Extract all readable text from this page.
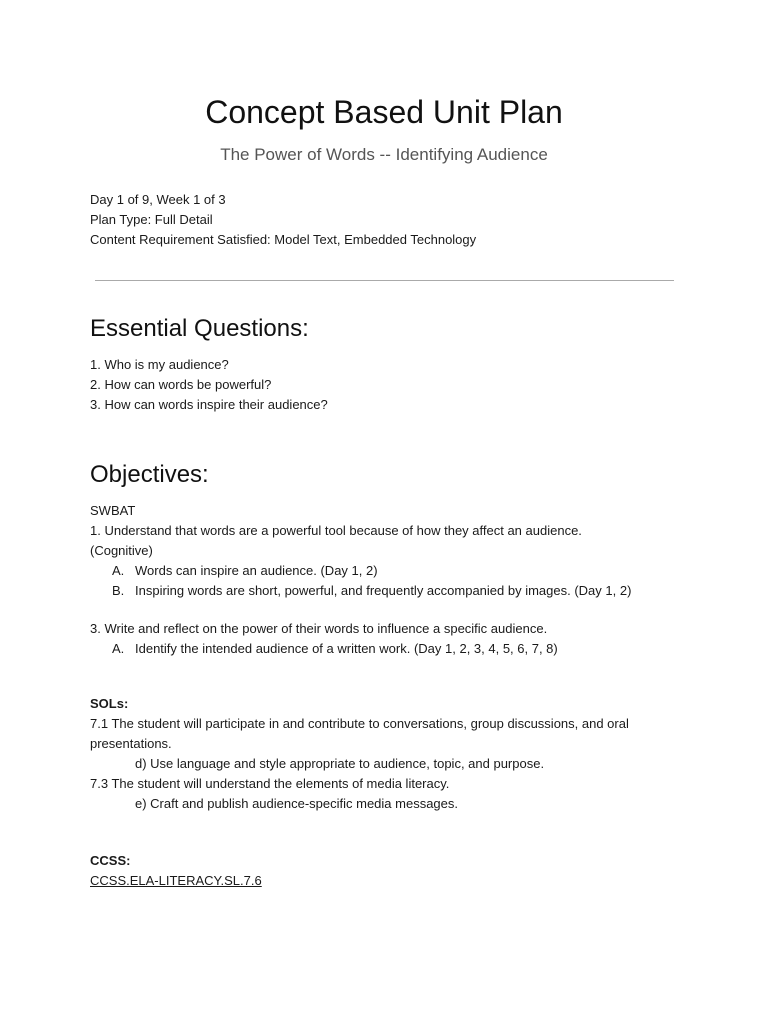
Concept Based Unit Plan
The Power of Words -- Identifying Audience
Day 1 of 9, Week 1 of 3
Plan Type: Full Detail
Content Requirement Satisfied: Model Text, Embedded Technology
Essential Questions:
1. Who is my audience?
2. How can words be powerful?
3. How can words inspire their audience?
Objectives:
SWBAT
1. Understand that words are a powerful tool because of how they affect an audience.
(Cognitive)
A. Words can inspire an audience. (Day 1, 2)
B. Inspiring words are short, powerful, and frequently accompanied by images. (Day 1, 2)
3. Write and reflect on the power of their words to influence a specific audience.
A. Identify the intended audience of a written work. (Day 1, 2, 3, 4, 5, 6, 7, 8)
SOLs:
7.1 The student will participate in and contribute to conversations, group discussions, and oral
presentations.
d) Use language and style appropriate to audience, topic, and purpose.
7.3 The student will understand the elements of media literacy.
e) Craft and publish audience-specific media messages.
CCSS:
CCSS.ELA-LITERACY.SL.7.6
